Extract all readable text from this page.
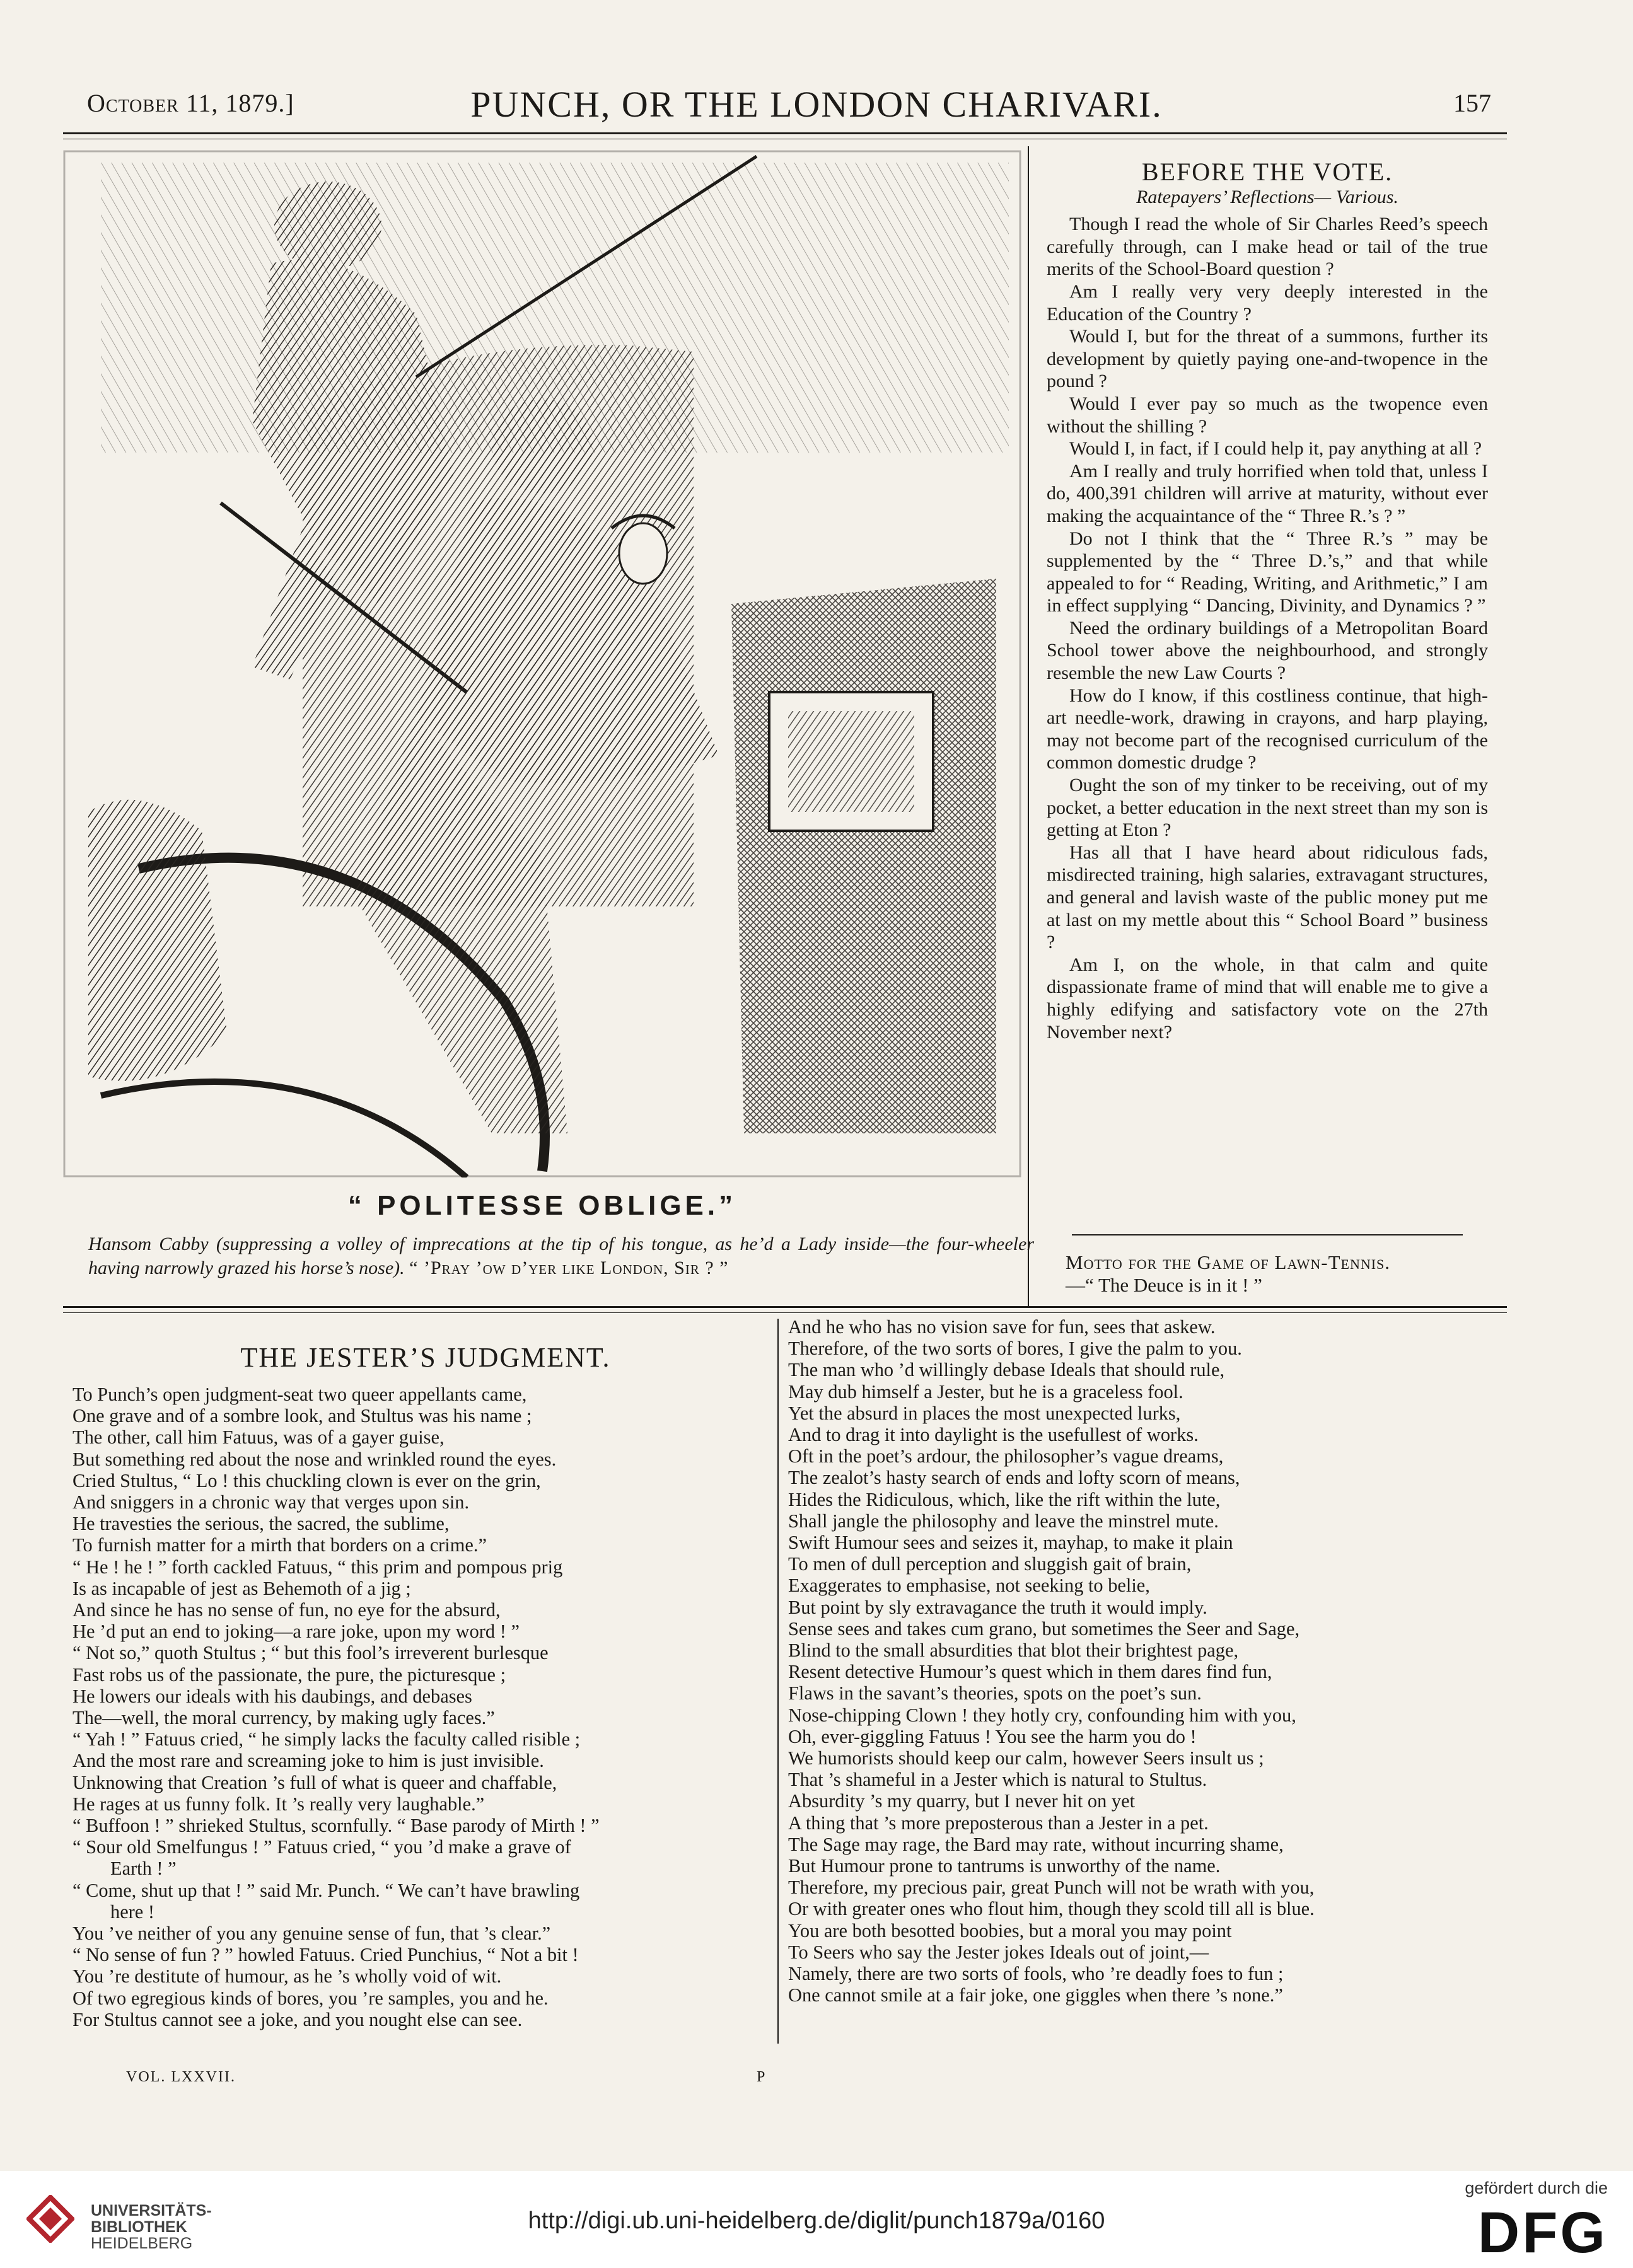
October 11, 1879.]	PUNCH, OR THE LONDON CHARIVARI.	157
“ POLITESSE OBLIGE.”
Hansom Cabby (suppressing a volley of imprecations at the tip of his tongue, as he’d a Lady inside—the four-wheeler having narrowly grazed his horse’s nose). “ ’Pray ’ow d’yer like London, Sir ? ”
BEFORE THE VOTE.
Ratepayers’ Reflections— Various.

Though I read the whole of Sir Charles Reed’s speech carefully through, can I make head or tail of the true merits of the School-Board question ?

Am I really very very deeply interested in the Education of the Country ?

Would I, but for the threat of a summons, further its development by quietly paying one-and-twopence in the pound ?

Would I ever pay so much as the twopence even without the shilling ?

Would I, in fact, if I could help it, pay anything at all ?

Am I really and truly horrified when told that, unless I do, 400,391 children will arrive at maturity, without ever making the acquaintance of the “ Three R.’s ? ”

Do not I think that the “ Three R.’s ” may be supplemented by the “ Three D.’s,” and that while appealed to for “ Reading, Writing, and Arithmetic,” I am in effect supplying “ Dancing, Divinity, and Dynamics ? ”

Need the ordinary buildings of a Metropolitan Board School tower above the neighbourhood, and strongly resemble the new Law Courts ?

How do I know, if this costliness continue, that high-art needle-work, drawing in crayons, and harp playing, may not become part of the recognised curriculum of the common domestic drudge ?

Ought the son of my tinker to be receiving, out of my pocket, a better education in the next street than my son is getting at Eton ?

Has all that I have heard about ridiculous fads, misdirected training, high salaries, extravagant structures, and general and lavish waste of the public money put me at last on my mettle about this “ School Board ” business ?

Am I, on the whole, in that calm and quite dispassionate frame of mind that will enable me to give a highly edifying and satisfactory vote on the 27th November next?

Motto for the Game of Lawn-Tennis.
—“ The Deuce is in it ! ”
THE JESTER’S JUDGMENT.
To Punch’s open judgment-seat two queer appellants came,
One grave and of a sombre look, and Stultus was his name ;
The other, call him Fatuus, was of a gayer guise,
But something red about the nose and wrinkled round the eyes.
Cried Stultus, “ Lo ! this chuckling clown is ever on the grin,
And sniggers in a chronic way that verges upon sin.
He travesties the serious, the sacred, the sublime,
To furnish matter for a mirth that borders on a crime.”
“ He ! he ! ” forth cackled Fatuus, “ this prim and pompous prig
Is as incapable of jest as Behemoth of a jig ;
And since he has no sense of fun, no eye for the absurd,
He ’d put an end to joking—a rare joke, upon my word ! ”
“ Not so,” quoth Stultus ; “ but this fool’s irreverent burlesque
Fast robs us of the passionate, the pure, the picturesque ;
He lowers our ideals with his daubings, and debases
The—well, the moral currency, by making ugly faces.”
“ Yah ! ” Fatuus cried, “ he simply lacks the faculty called risible ;
And the most rare and screaming joke to him is just invisible.
Unknowing that Creation ’s full of what is queer and chaffable,
He rages at us funny folk. It ’s really very laughable.”
“ Buffoon ! ” shrieked Stultus, scornfully. “ Base parody of Mirth ! ”
“ Sour old Smelfungus ! ” Fatuus cried, “ you ’d make a grave of
Earth ! ”
“ Come, shut up that ! ” said Mr. Punch. “ We can’t have brawling
here !
You ’ve neither of you any genuine sense of fun, that ’s clear.”
“ No sense of fun ? ” howled Fatuus. Cried Punchius, “ Not a bit !
You ’re destitute of humour, as he ’s wholly void of wit.
Of two egregious kinds of bores, you ’re samples, you and he.
For Stultus cannot see a joke, and you nought else can see.
And he who has no vision save for fun, sees that askew.
Therefore, of the two sorts of bores, I give the palm to you.
The man who ’d willingly debase Ideals that should rule,
May dub himself a Jester, but he is a graceless fool.
Yet the absurd in places the most unexpected lurks,
And to drag it into daylight is the usefullest of works.
Oft in the poet’s ardour, the philosopher’s vague dreams,
The zealot’s hasty search of ends and lofty scorn of means,
Hides the Ridiculous, which, like the rift within the lute,
Shall jangle the philosophy and leave the minstrel mute.
Swift Humour sees and seizes it, mayhap, to make it plain
To men of dull perception and sluggish gait of brain,
Exaggerates to emphasise, not seeking to belie,
But point by sly extravagance the truth it would imply.
Sense sees and takes cum grano, but sometimes the Seer and Sage,
Blind to the small absurdities that blot their brightest page,
Resent detective Humour’s quest which in them dares find fun,
Flaws in the savant’s theories, spots on the poet’s sun.
Nose-chipping Clown ! they hotly cry, confounding him with you,
Oh, ever-giggling Fatuus ! You see the harm you do !
We humorists should keep our calm, however Seers insult us ;
That ’s shameful in a Jester which is natural to Stultus.
Absurdity ’s my quarry, but I never hit on yet
A thing that ’s more preposterous than a Jester in a pet.
The Sage may rage, the Bard may rate, without incurring shame,
But Humour prone to tantrums is unworthy of the name.
Therefore, my precious pair, great Punch will not be wrath with you,
Or with greater ones who flout him, though they scold till all is blue.
You are both besotted boobies, but a moral you may point
To Seers who say the Jester jokes Ideals out of joint,—
Namely, there are two sorts of fools, who ’re deadly foes to fun ;
One cannot smile at a fair joke, one giggles when there ’s none.”
VOL. LXXVII.	P
UNIVERSITÄTS-
BIBLIOTHEK
HEIDELBERG
http://digi.ub.uni-heidelberg.de/diglit/punch1879a/0160
gefördert durch die
DFG
